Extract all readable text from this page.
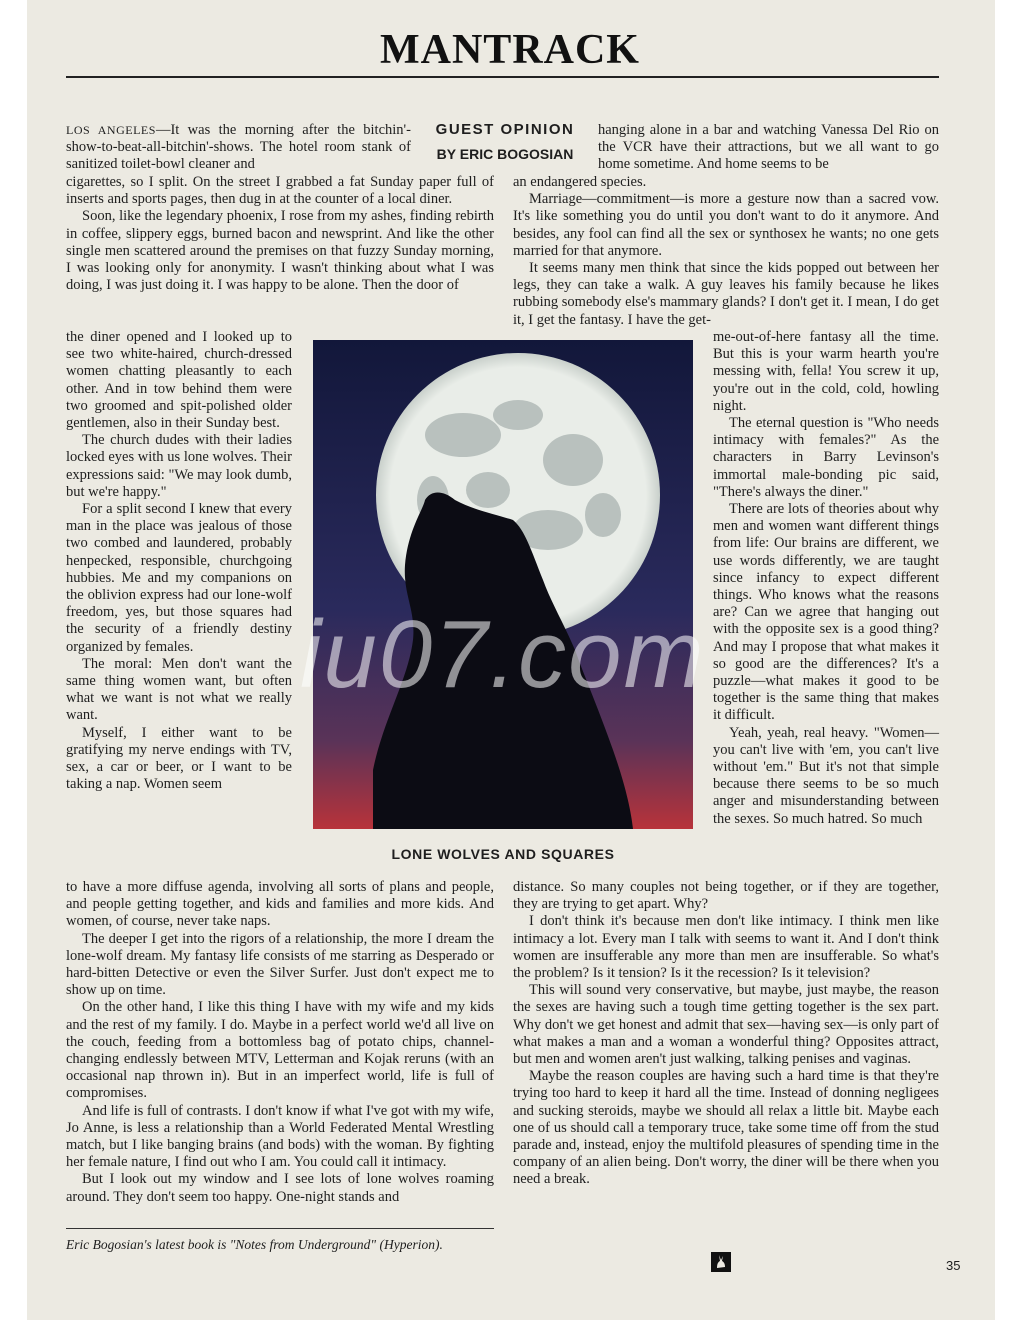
MANTRACK
GUEST OPINION
BY ERIC BOGOSIAN

LOS ANGELES—It was the morning after the bitchin'-show-to-beat-all-bitchin'-shows. The hotel room stank of sanitized toilet-bowl cleaner and

cigarettes, so I split. On the street I grabbed a fat Sunday paper full of inserts and sports pages, then dug in at the counter of a local diner.

Soon, like the legendary phoenix, I rose from my ashes, finding rebirth in coffee, slippery eggs, burned bacon and newsprint. And like the other single men scattered around the premises on that fuzzy Sunday morning, I was looking only for anonymity. I wasn't thinking about what I was doing, I was just doing it. I was happy to be alone. Then the door of

the diner opened and I looked up to see two white-haired, church-dressed women chatting pleasantly to each other. And in tow behind them were two groomed and spit-polished older gentlemen, also in their Sunday best.

The church dudes with their ladies locked eyes with us lone wolves. Their expressions said: "We may look dumb, but we're happy."

For a split second I knew that every man in the place was jealous of those two combed and laundered, probably henpecked, responsible, churchgoing hubbies. Me and my companions on the oblivion express had our lone-wolf freedom, yes, but those squares had the security of a friendly destiny organized by females.

The moral: Men don't want the same thing women want, but often what we want is not what we really want.

Myself, I either want to be gratifying my nerve endings with TV, sex, a car or beer, or I want to be taking a nap. Women seem

to have a more diffuse agenda, involving all sorts of plans and people, and people getting together, and kids and families and more kids. And women, of course, never take naps.

The deeper I get into the rigors of a relationship, the more I dream the lone-wolf dream. My fantasy life consists of me starring as Desperado or hard-bitten Detective or even the Silver Surfer. Just don't expect me to show up on time.

On the other hand, I like this thing I have with my wife and my kids and the rest of my family. I do. Maybe in a perfect world we'd all live on the couch, feeding from a bottomless bag of potato chips, channel-changing endlessly between MTV, Letterman and Kojak reruns (with an occasional nap thrown in). But in an imperfect world, life is full of compromises.

And life is full of contrasts. I don't know if what I've got with my wife, Jo Anne, is less a relationship than a World Federated Mental Wrestling match, but I like banging brains (and bods) with the woman. By fighting her female nature, I find out who I am. You could call it intimacy.

But I look out my window and I see lots of lone wolves roaming around. They don't seem too happy. One-night stands and

hanging alone in a bar and watching Vanessa Del Rio on the VCR have their attractions, but we all want to go home sometime. And home seems to be

an endangered species.

Marriage—commitment—is more a gesture now than a sacred vow. It's like something you do until you don't want to do it anymore. And besides, any fool can find all the sex or synthosex he wants; no one gets married for that anymore.

It seems many men think that since the kids popped out between her legs, they can take a walk. A guy leaves his family because he likes rubbing somebody else's mammary glands? I don't get it. I mean, I do get it, I get the fantasy. I have the get-

me-out-of-here fantasy all the time. But this is your warm hearth you're messing with, fella! You screw it up, you're out in the cold, cold, howling night.

The eternal question is "Who needs intimacy with females?" As the characters in Barry Levinson's immortal male-bonding pic said, "There's always the diner."

There are lots of theories about why men and women want different things from life: Our brains are different, we use words differently, we are taught since infancy to expect different things. Who knows what the reasons are? Can we agree that hanging out with the opposite sex is a good thing? And may I propose that what makes it so good are the differences? It's a puzzle—what makes it good to be together is the same thing that makes it difficult.

Yeah, yeah, real heavy. "Women—you can't live with 'em, you can't live without 'em." But it's not that simple because there seems to be so much anger and misunderstanding between the sexes. So much hatred. So much

distance. So many couples not being together, or if they are together, they are trying to get apart. Why?

I don't think it's because men don't like intimacy. I think men like intimacy a lot. Every man I talk with seems to want it. And I don't think women are insufferable any more than men are insufferable. So what's the problem? Is it tension? Is it the recession? Is it television?

This will sound very conservative, but maybe, just maybe, the reason the sexes are having such a tough time getting together is the sex part. Why don't we get honest and admit that sex—having sex—is only part of what makes a man and a woman a wonderful thing? Opposites attract, but men and women aren't just walking, talking penises and vaginas.

Maybe the reason couples are having such a hard time is that they're trying too hard to keep it hard all the time. Instead of donning negligees and sucking steroids, maybe we should all relax a little bit. Maybe each one of us should call a temporary truce, take some time off from the stud parade and, instead, enjoy the multifold pleasures of spending time in the company of an alien being. Don't worry, the diner will be there when you need a break.

LONE WOLVES AND SQUARES
iu07.com
Eric Bogosian's latest book is "Notes from Underground" (Hyperion).
35
